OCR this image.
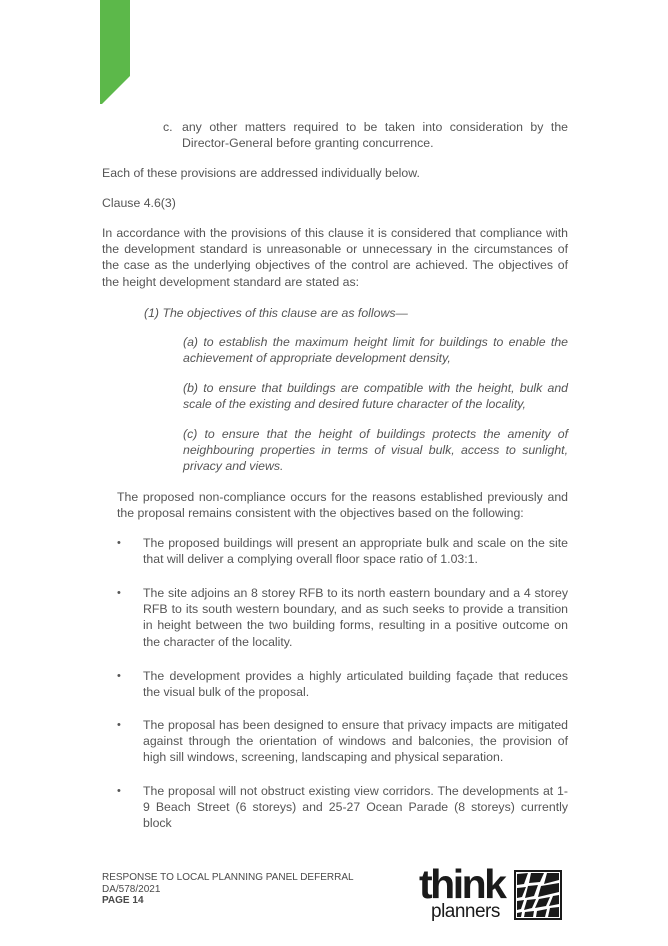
c. any other matters required to be taken into consideration by the Director-General before granting concurrence.

Each of these provisions are addressed individually below.

Clause 4.6(3)

In accordance with the provisions of this clause it is considered that compliance with the development standard is unreasonable or unnecessary in the circumstances of the case as the underlying objectives of the control are achieved. The objectives of the height development standard are stated as:

(1) The objectives of this clause are as follows—

(a) to establish the maximum height limit for buildings to enable the achievement of appropriate development density,

(b) to ensure that buildings are compatible with the height, bulk and scale of the existing and desired future character of the locality,

(c) to ensure that the height of buildings protects the amenity of neighbouring properties in terms of visual bulk, access to sunlight, privacy and views.

The proposed non-compliance occurs for the reasons established previously and the proposal remains consistent with the objectives based on the following:

•	The proposed buildings will present an appropriate bulk and scale on the site that will deliver a complying overall floor space ratio of 1.03:1.
•	The site adjoins an 8 storey RFB to its north eastern boundary and a 4 storey RFB to its south western boundary, and as such seeks to provide a transition in height between the two building forms, resulting in a positive outcome on the character of the locality.
•	The development provides a highly articulated building façade that reduces the visual bulk of the proposal.
•	The proposal has been designed to ensure that privacy impacts are mitigated against through the orientation of windows and balconies, the provision of high sill windows, screening, landscaping and physical separation.
•	The proposal will not obstruct existing view corridors. The developments at 1-9 Beach Street (6 storeys) and 25-27 Ocean Parade (8 storeys) currently block
RESPONSE TO LOCAL PLANNING PANEL DEFERRAL
DA/578/2021
PAGE 14	think
planners
